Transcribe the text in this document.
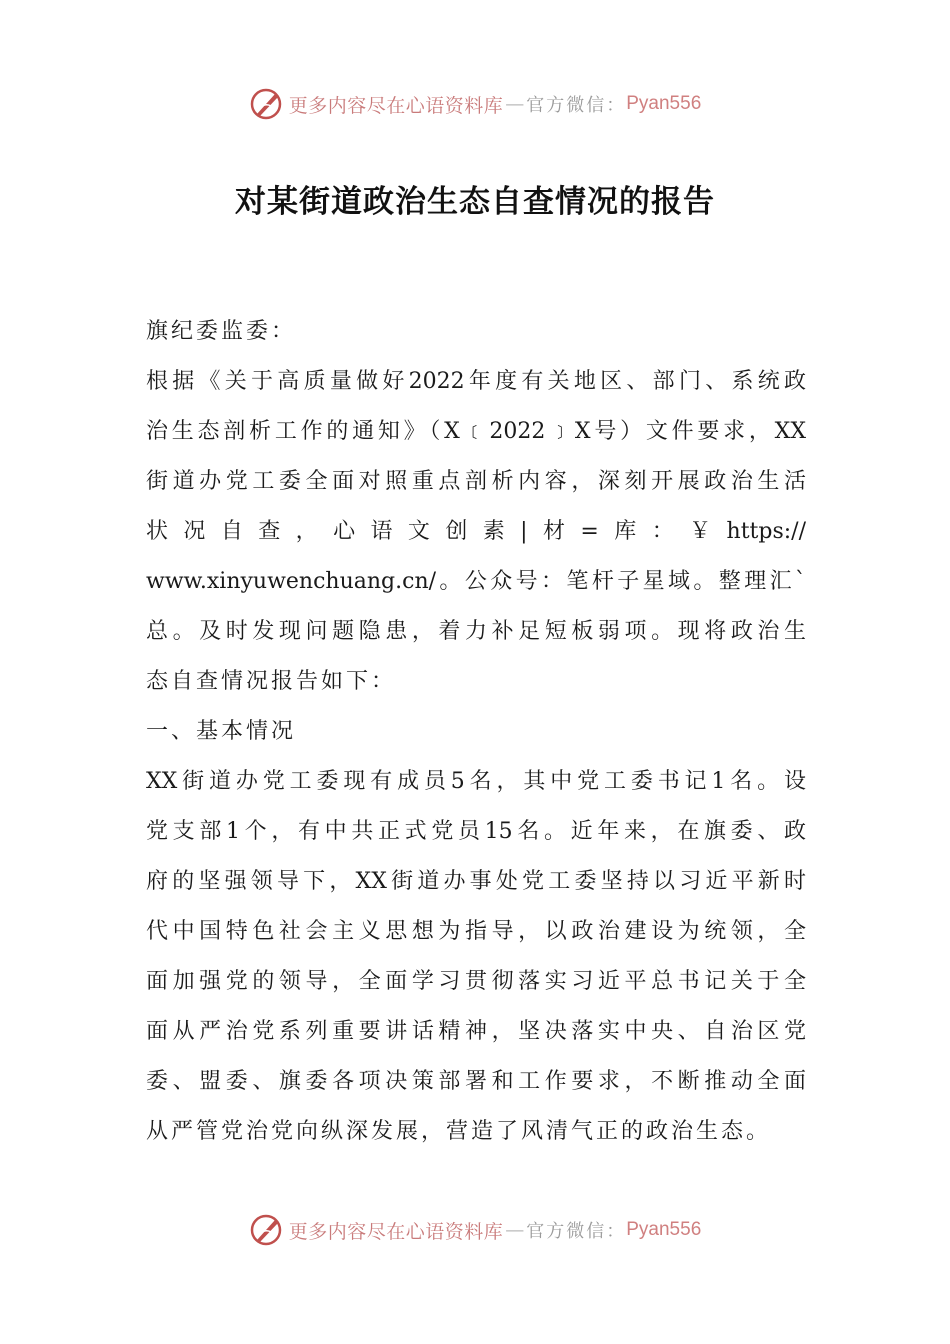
更多内容尽在心语资料库 — 官方微信： Pyan556
对某街道政治生态自查情况的报告
旗纪委监委：
根据《关于高质量做好2022年度有关地区、部门、系统政
治生态剖析工作的通知》（X﹝2022﹞X号）文件要求，XX
街道办党工委全面对照重点剖析内容，深刻开展政治生活
状况自查，心语文创素|材=库：￥https://
www.xinyuwenchuang.cn/。公众号：笔杆子星域。整理汇`
总。及时发现问题隐患，着力补足短板弱项。现将政治生
态自查情况报告如下：
一、基本情况
XX街道办党工委现有成员5名，其中党工委书记1名。设
党支部1个，有中共正式党员15名。近年来，在旗委、政
府的坚强领导下，XX街道办事处党工委坚持以习近平新时
代中国特色社会主义思想为指导，以政治建设为统领，全
面加强党的领导，全面学习贯彻落实习近平总书记关于全
面从严治党系列重要讲话精神，坚决落实中央、自治区党
委、盟委、旗委各项决策部署和工作要求，不断推动全面
从严管党治党向纵深发展，营造了风清气正的政治生态。
更多内容尽在心语资料库 — 官方微信： Pyan556
